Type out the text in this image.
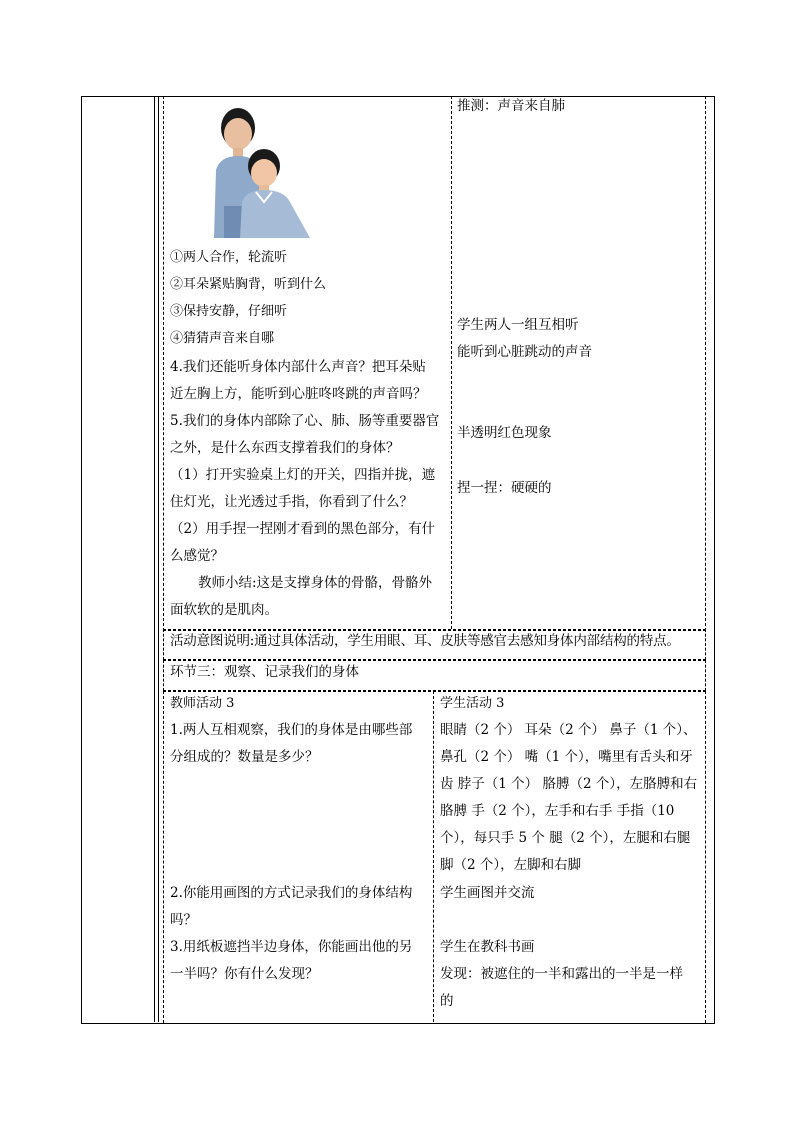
①两人合作，轮流听
②耳朵紧贴胸背，听到什么
③保持安静，仔细听
④猜猜声音来自哪
4.我们还能听身体内部什么声音？把耳朵贴
近左胸上方，能听到心脏咚咚跳的声音吗？
5.我们的身体内部除了心、肺、肠等重要器官
之外，是什么东西支撑着我们的身体？
（1）打开实验桌上灯的开关，四指并拢，遮
住灯光，让光透过手指，你看到了什么？
（2）用手捏一捏刚才看到的黑色部分，有什
么感觉？
教师小结:这是支撑身体的骨骼，骨骼外
面软软的是肌肉。
推测：声音来自肺
学生两人一组互相听
能听到心脏跳动的声音
半透明红色现象
捏一捏：硬硬的
活动意图说明:通过具体活动，学生用眼、耳、皮肤等感官去感知身体内部结构的特点。
环节三：观察、记录我们的身体
教师活动 3
1.两人互相观察，我们的身体是由哪些部
分组成的？数量是多少？
2.你能用画图的方式记录我们的身体结构
吗？
3.用纸板遮挡半边身体，你能画出他的另
一半吗？你有什么发现？
学生活动 3
眼睛（2 个） 耳朵（2 个） 鼻子（1 个）、
鼻孔（2 个） 嘴（1 个），嘴里有舌头和牙
齿 脖子（1 个） 胳膊（2 个），左胳膊和右
胳膊 手（2 个），左手和右手 手指（10
个），每只手 5 个 腿（2 个），左腿和右腿
脚（2 个），左脚和右脚
学生画图并交流
学生在教科书画
发现：被遮住的一半和露出的一半是一样
的
